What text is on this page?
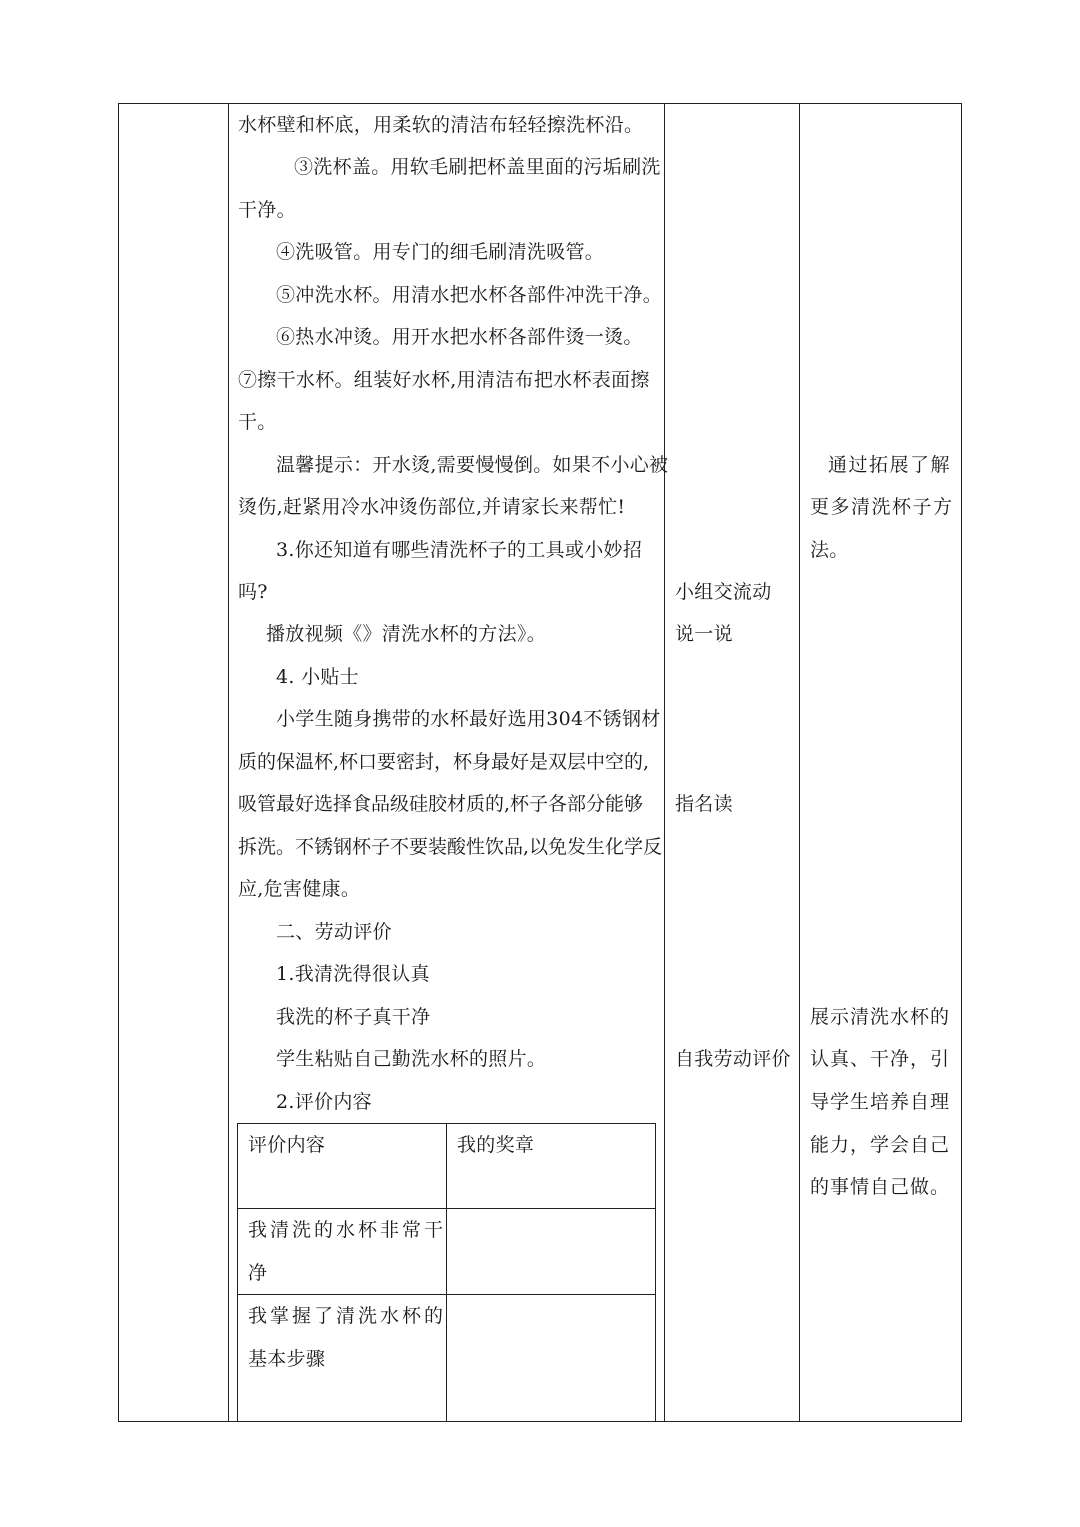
水杯壁和杯底，用柔软的清洁布轻轻擦洗杯沿。
③洗杯盖。用软毛刷把杯盖里面的污垢刷洗
干净。
④洗吸管。用专门的细毛刷清洗吸管。
⑤冲洗水杯。用清水把水杯各部件冲洗干净。
⑥热水冲烫。用开水把水杯各部件烫一烫。
⑦擦干水杯。组装好水杯,用清洁布把水杯表面擦
干。
温馨提示：开水烫,需要慢慢倒。如果不小心被
烫伤,赶紧用冷水冲烫伤部位,并请家长来帮忙!
3.你还知道有哪些清洗杯子的工具或小妙招
吗?
播放视频《》清洗水杯的方法》。
4. 小贴士
小学生随身携带的水杯最好选用304不锈钢材
质的保温杯,杯口要密封，杯身最好是双层中空的,
吸管最好选择食品级硅胶材质的,杯子各部分能够
拆洗。不锈钢杯子不要装酸性饮品,以免发生化学反
应,危害健康。
二、劳动评价
1.我清洗得很认真
我洗的杯子真干净
学生粘贴自己勤洗水杯的照片。
2.评价内容
评价内容	我的奖章
我清洗的水杯非常干
净
我掌握了清洗水杯的
基本步骤
小组交流动
说一说
指名读
自我劳动评价
通过拓展了解
更多清洗杯子方
法。
展示清洗水杯的
认真、干净，引
导学生培养自理
能力，学会自己
的事情自己做。
